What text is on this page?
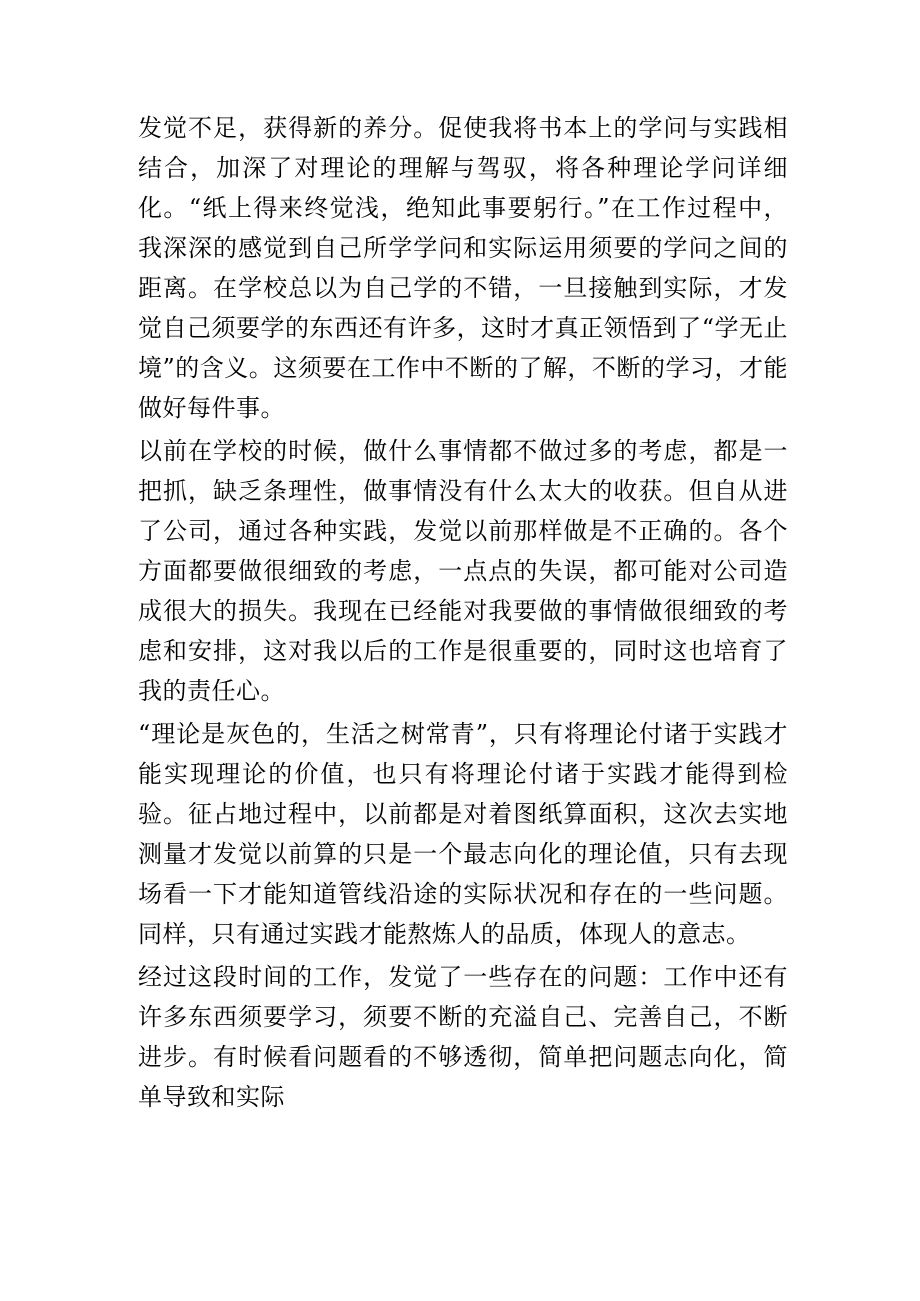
发觉不足，获得新的养分。促使我将书本上的学问与实践相结合，加深了对理论的理解与驾驭，将各种理论学问详细化。“纸上得来终觉浅，绝知此事要躬行。”在工作过程中，我深深的感觉到自己所学学问和实际运用须要的学问之间的距离。在学校总以为自己学的不错，一旦接触到实际，才发觉自己须要学的东西还有许多，这时才真正领悟到了“学无止境”的含义。这须要在工作中不断的了解，不断的学习，才能做好每件事。

以前在学校的时候，做什么事情都不做过多的考虑，都是一把抓，缺乏条理性，做事情没有什么太大的收获。但自从进了公司，通过各种实践，发觉以前那样做是不正确的。各个方面都要做很细致的考虑，一点点的失误，都可能对公司造成很大的损失。我现在已经能对我要做的事情做很细致的考虑和安排，这对我以后的工作是很重要的，同时这也培育了我的责任心。

“理论是灰色的，生活之树常青”，只有将理论付诸于实践才能实现理论的价值，也只有将理论付诸于实践才能得到检验。征占地过程中，以前都是对着图纸算面积，这次去实地测量才发觉以前算的只是一个最志向化的理论值，只有去现场看一下才能知道管线沿途的实际状况和存在的一些问题。同样，只有通过实践才能熬炼人的品质，体现人的意志。

经过这段时间的工作，发觉了一些存在的问题：工作中还有许多东西须要学习，须要不断的充溢自己、完善自己，不断进步。有时候看问题看的不够透彻，简单把问题志向化，简单导致和实际
